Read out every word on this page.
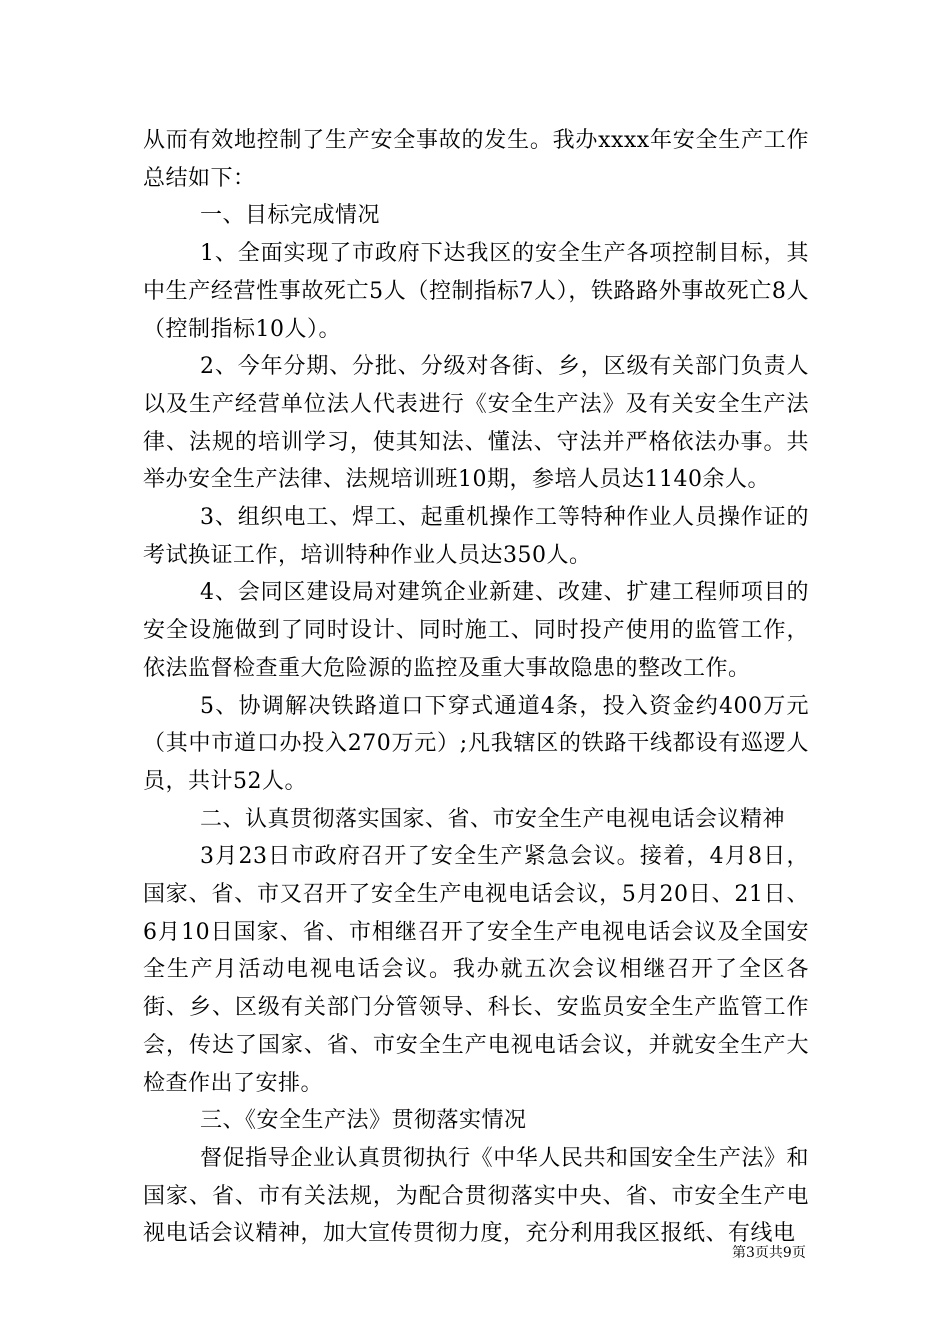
从而有效地控制了生产安全事故的发生。我办xxxx年安全生产工作总结如下：

一、目标完成情况

1、全面实现了市政府下达我区的安全生产各项控制目标，其中生产经营性事故死亡5人（控制指标7人），铁路路外事故死亡8人（控制指标10人）。

2、今年分期、分批、分级对各街、乡，区级有关部门负责人以及生产经营单位法人代表进行《安全生产法》及有关安全生产法律、法规的培训学习，使其知法、懂法、守法并严格依法办事。共举办安全生产法律、法规培训班10期，参培人员达1140余人。

3、组织电工、焊工、起重机操作工等特种作业人员操作证的考试换证工作，培训特种作业人员达350人。

4、会同区建设局对建筑企业新建、改建、扩建工程师项目的安全设施做到了同时设计、同时施工、同时投产使用的监管工作，依法监督检查重大危险源的监控及重大事故隐患的整改工作。

5、协调解决铁路道口下穿式通道4条，投入资金约400万元（其中市道口办投入270万元）;凡我辖区的铁路干线都设有巡逻人员，共计52人。

二、认真贯彻落实国家、省、市安全生产电视电话会议精神

3月23日市政府召开了安全生产紧急会议。接着，4月8日，国家、省、市又召开了安全生产电视电话会议，5月20日、21日、6月10日国家、省、市相继召开了安全生产电视电话会议及全国安全生产月活动电视电话会议。我办就五次会议相继召开了全区各街、乡、区级有关部门分管领导、科长、安监员安全生产监管工作会，传达了国家、省、市安全生产电视电话会议，并就安全生产大检查作出了安排。

三、《安全生产法》贯彻落实情况

督促指导企业认真贯彻执行《中华人民共和国安全生产法》和国家、省、市有关法规，为配合贯彻落实中央、省、市安全生产电视电话会议精神，加大宣传贯彻力度，充分利用我区报纸、有线电

第3页共9页
